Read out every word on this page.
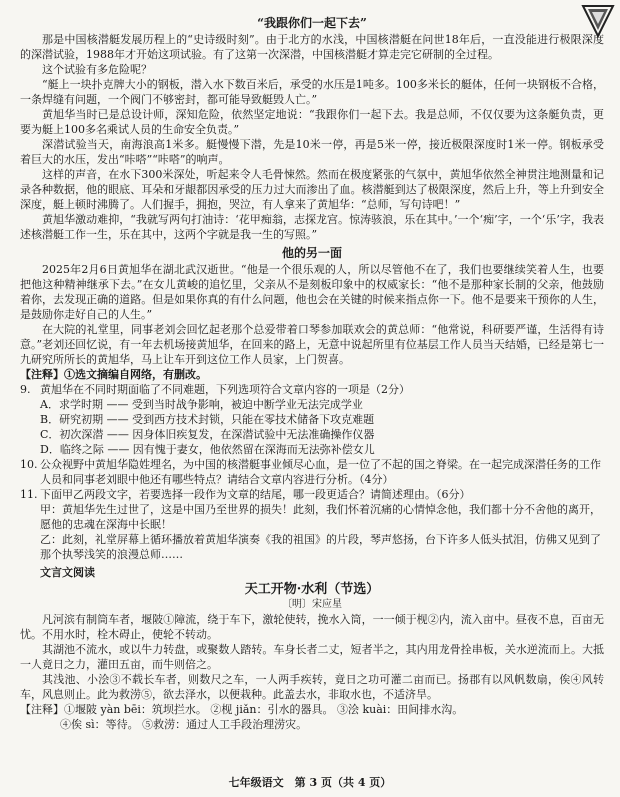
“我跟你们一起下去”

那是中国核潜艇发展历程上的“史诗级时刻”。由于北方的水浅，中国核潜艇在问世18年后，一直没能进行极限深度的深潜试验，1988年才开始这项试验。有了这第一次深潜，中国核潜艇才算走完它研制的全过程。

这个试验有多危险呢？

“艇上一块扑克牌大小的钢板，潜入水下数百米后，承受的水压是1吨多。100多米长的艇体，任何一块钢板不合格，一条焊缝有问题，一个阀门不够密封，都可能导致艇毁人亡。”

黄旭华当时已是总设计师，深知危险，依然坚定地说：“我跟你们一起下去。我是总师，不仅仅要为这条艇负责，更要为艇上100多名乘试人员的生命安全负责。”

深潜试验当天，南海浪高1米多。艇慢慢下潜，先是10米一停，再是5米一停，接近极限深度时1米一停。钢板承受着巨大的水压，发出“咔嗒”“咔嗒”的响声。

这样的声音，在水下300米深处，听起来令人毛骨悚然。然而在极度紧张的气氛中，黄旭华依然全神贯注地测量和记录各种数据，他的眼底、耳朵和牙龈都因承受的压力过大而渗出了血。核潜艇到达了极限深度，然后上升，等上升到安全深度，艇上顿时沸腾了。人们握手，拥抱，哭泣，有人拿来了黄旭华：“总师，写句诗吧！”

黄旭华激动难抑，“我就写两句打油诗：‘花甲痴翁，志探龙宫。惊涛骇浪，乐在其中。’一个‘痴’字，一个‘乐’字，我表述核潜艇工作一生，乐在其中，这两个字就是我一生的写照。”

他的另一面

2025年2月6日黄旭华在湖北武汉逝世。“他是一个很乐观的人，所以尽管他不在了，我们也要继续笑着人生，也要把他这种精神继承下去。”在女儿黄峻的追忆里，父亲从不是刻板印象中的权威家长：“他不是那种家长制的父亲，他鼓励着你，去发现正确的道路。但是如果你真的有什么问题，他也会在关键的时候来指点你一下。他不是要来干预你的人生，是鼓励你走好自己的人生。”

在大院的礼堂里，同事老刘会回忆起老那个总爱带着口琴参加联欢会的黄总师：“他常说，科研要严谨，生活得有诗意。”老刘还回忆说，有一年去机场接黄旭华，在回来的路上，无意中说起所里有位基层工作人员当天结婚，已经是第七一九研究所所长的黄旭华，马上让车开到这位工作人员家，上门贺喜。

【注释】①选文摘编自网络，有删改。

9. 黄旭华在不同时期面临了不同难题，下列选项符合文章内容的一项是（2分）
A．求学时期 —— 受到当时战争影响，被迫中断学业无法完成学业
B．研究初期 —— 受到西方技术封锁，只能在零技术储备下攻克难题
C．初次深潜 —— 因身体旧疾复发，在深潜试验中无法准确操作仪器
D．临终之际 —— 因有愧于妻女，他依然留在深海而无法弥补偿女儿
10. 公众视野中黄旭华隐姓埋名，为中国的核潜艇事业倾尽心血，是一位了不起的国之脊梁。在一起完成深潜任务的工作人员和同事老刘眼中他还有哪些特点？请结合文章内容进行分析。（4分）
11. 下面甲乙两段文字，若要选择一段作为文章的结尾，哪一段更适合？请简述理由。（6分）
甲：黄旭华先生过世了，这是中国乃至世界的损失！此刻，我们怀着沉痛的心情悼念他，我们都十分不舍他的离开，愿他的忠魂在深海中长眠！
乙：此刻，礼堂屏幕上循环播放着黄旭华演奏《我的祖国》的片段，琴声悠扬，台下许多人低头拭泪，仿佛又见到了那个执琴浅笑的浪漫总师……
文言文阅读
天工开物·水利（节选）
〔明〕宋应星

凡河滨有制筒车者，堰陂①障流，绕于车下，激轮使转，挽水入筒，一一倾于枧②内，流入亩中。昼夜不息，百亩无忧。不用水时，栓木碍止，使轮不转动。

其湖池不流水，或以牛力转盘，或聚数人踏转。车身长者二丈，短者半之，其内用龙骨拴串板，关水逆流而上。大抵一人竟日之力，灌田五亩，而牛则倍之。

其浅池、小浍③不载长车者，则数尺之车，一人两手疾转，竟日之功可灌二亩而已。扬郡有以风帆数扇，俟④风转车，风息则止。此为救涝⑤，欲去泽水，以便栽种。此盖去水，非取水也，不适济旱。

【注释】①堰陂 yàn bēi：筑坝拦水。 ②枧 jiǎn：引水的器具。 ③浍 kuài：田间排水沟。

④俟 sì：等待。 ⑤救涝：通过人工手段治理涝灾。

七年级语文　第 3 页（共 4 页）
